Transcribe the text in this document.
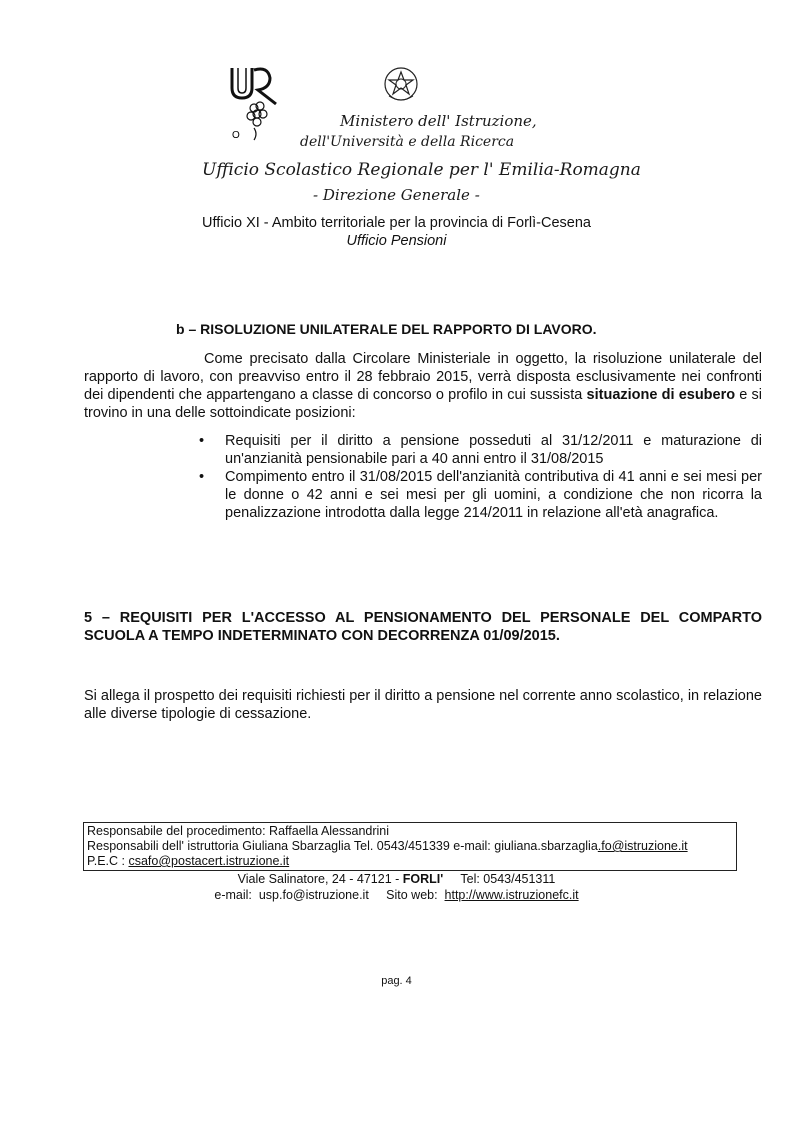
O
Ministero dell' Istruzione,
dell'Università e della Ricerca
Ufficio Scolastico Regionale per l' Emilia-Romagna
- Direzione Generale -
Ufficio XI - Ambito territoriale per la provincia di Forlì-Cesena
Ufficio Pensioni
b – RISOLUZIONE UNILATERALE DEL RAPPORTO DI LAVORO.
Come precisato dalla Circolare Ministeriale in oggetto, la risoluzione unilaterale del rapporto di lavoro, con preavviso entro il 28 febbraio 2015, verrà disposta esclusivamente nei confronti dei dipendenti che appartengano a classe di concorso o profilo in cui sussista situazione di esubero e si trovino in una delle sottoindicate posizioni:
• Requisiti per il diritto a pensione posseduti al 31/12/2011 e maturazione di un'anzianità pensionabile pari a 40 anni entro il 31/08/2015
• Compimento entro il 31/08/2015 dell'anzianità contributiva di 41 anni e sei mesi per le donne o 42 anni e sei mesi per gli uomini, a condizione che non ricorra la penalizzazione introdotta dalla legge 214/2011 in relazione all'età anagrafica.
5 – REQUISITI PER L'ACCESSO AL PENSIONAMENTO DEL PERSONALE DEL COMPARTO SCUOLA A TEMPO INDETERMINATO CON DECORRENZA 01/09/2015.
Si allega il prospetto dei requisiti richiesti per il diritto a pensione nel corrente anno scolastico, in relazione alle diverse tipologie di cessazione.
Responsabile del procedimento: Raffaella Alessandrini
Responsabili dell' istruttoria Giuliana Sbarzaglia Tel. 0543/451339 e-mail: giuliana.sbarzaglia.fo@istruzione.it
P.E.C : csafo@postacert.istruzione.it
Viale Salinatore, 24 - 47121 - FORLI'     Tel: 0543/451311
e-mail:  usp.fo@istruzione.it     Sito web:  http://www.istruzionefc.it
pag. 4
